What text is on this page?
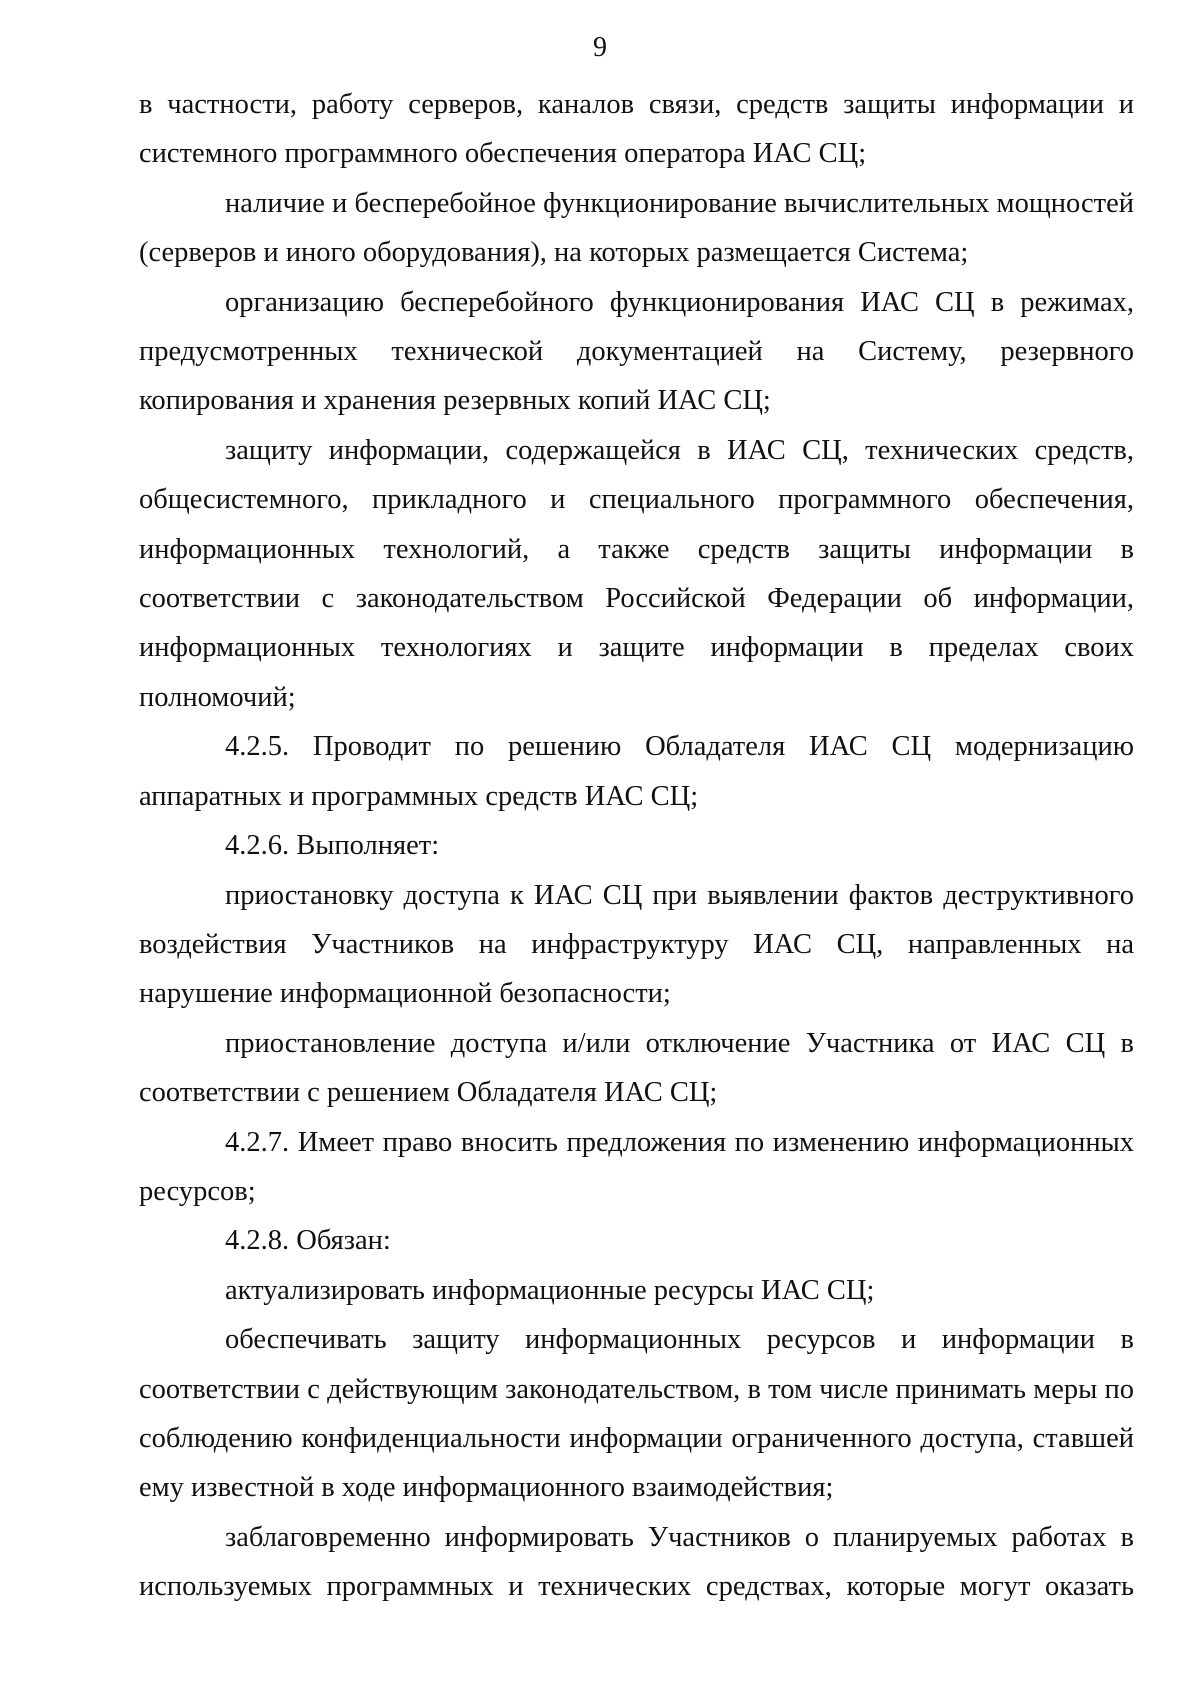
9

в частности, работу серверов, каналов связи, средств защиты информации и системного программного обеспечения оператора ИАС СЦ;

наличие и бесперебойное функционирование вычислительных мощностей (серверов и иного оборудования), на которых размещается Система;

организацию бесперебойного функционирования ИАС СЦ в режимах, предусмотренных технической документацией на Систему, резервного копирования и хранения резервных копий ИАС СЦ;

защиту информации, содержащейся в ИАС СЦ, технических средств, общесистемного, прикладного и специального программного обеспечения, информационных технологий, а также средств защиты информации в соответствии с законодательством Российской Федерации об информации, информационных технологиях и защите информации в пределах своих полномочий;

4.2.5. Проводит по решению Обладателя ИАС СЦ модернизацию аппаратных и программных средств ИАС СЦ;

4.2.6. Выполняет:

приостановку доступа к ИАС СЦ при выявлении фактов деструктивного воздействия Участников на инфраструктуру ИАС СЦ, направленных на нарушение информационной безопасности;

приостановление доступа и/или отключение Участника от ИАС СЦ в соответствии с решением Обладателя ИАС СЦ;

4.2.7. Имеет право вносить предложения по изменению информационных ресурсов;

4.2.8. Обязан:

актуализировать информационные ресурсы ИАС СЦ;

обеспечивать защиту информационных ресурсов и информации в соответствии с действующим законодательством, в том числе принимать меры по соблюдению конфиденциальности информации ограниченного доступа, ставшей ему известной в ходе информационного взаимодействия;

заблаговременно информировать Участников о планируемых работах в используемых программных и технических средствах, которые могут оказать
